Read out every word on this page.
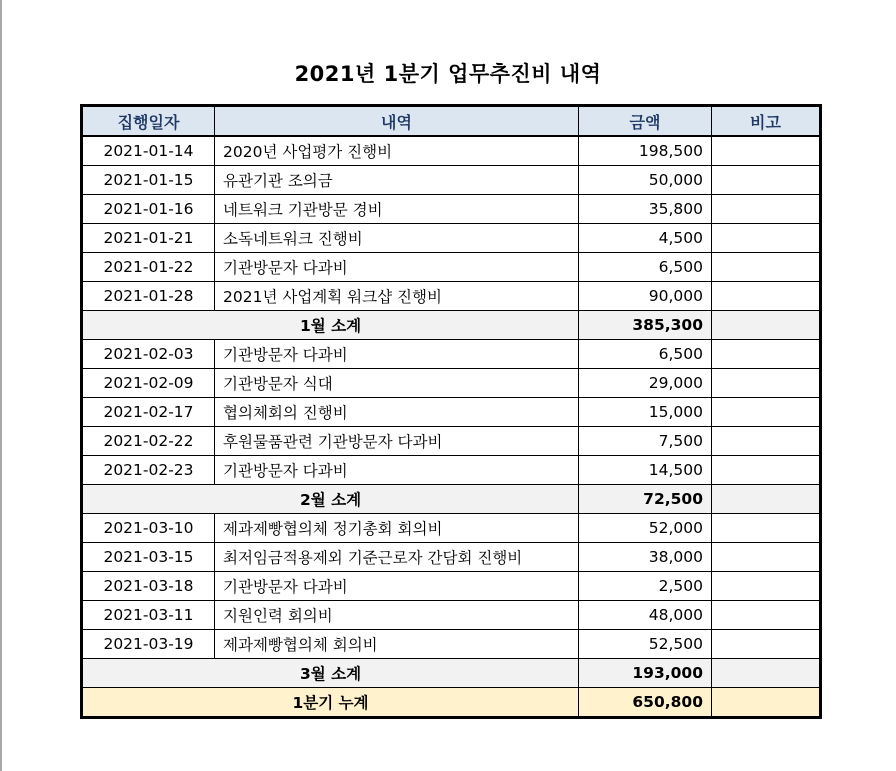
2021년 1분기 업무추진비 내역
집행일자	내역	금액	비고
2021-01-14	2020년 사업평가 진행비	198,500	
2021-01-15	유관기관 조의금	50,000	
2021-01-16	네트워크 기관방문 경비	35,800	
2021-01-21	소독네트워크 진행비	4,500	
2021-01-22	기관방문자 다과비	6,500	
2021-01-28	2021년 사업계획 워크샵 진행비	90,000	
1월 소계		385,300	
2021-02-03	기관방문자 다과비	6,500	
2021-02-09	기관방문자 식대	29,000	
2021-02-17	협의체회의 진행비	15,000	
2021-02-22	후원물품관련 기관방문자 다과비	7,500	
2021-02-23	기관방문자 다과비	14,500	
2월 소계		72,500	
2021-03-10	제과제빵협의체 정기총회 회의비	52,000	
2021-03-15	최저임금적용제외 기준근로자 간담회 진행비	38,000	
2021-03-18	기관방문자 다과비	2,500	
2021-03-11	지원인력 회의비	48,000	
2021-03-19	제과제빵협의체 회의비	52,500	
3월 소계		193,000	
1분기 누계		650,800	
